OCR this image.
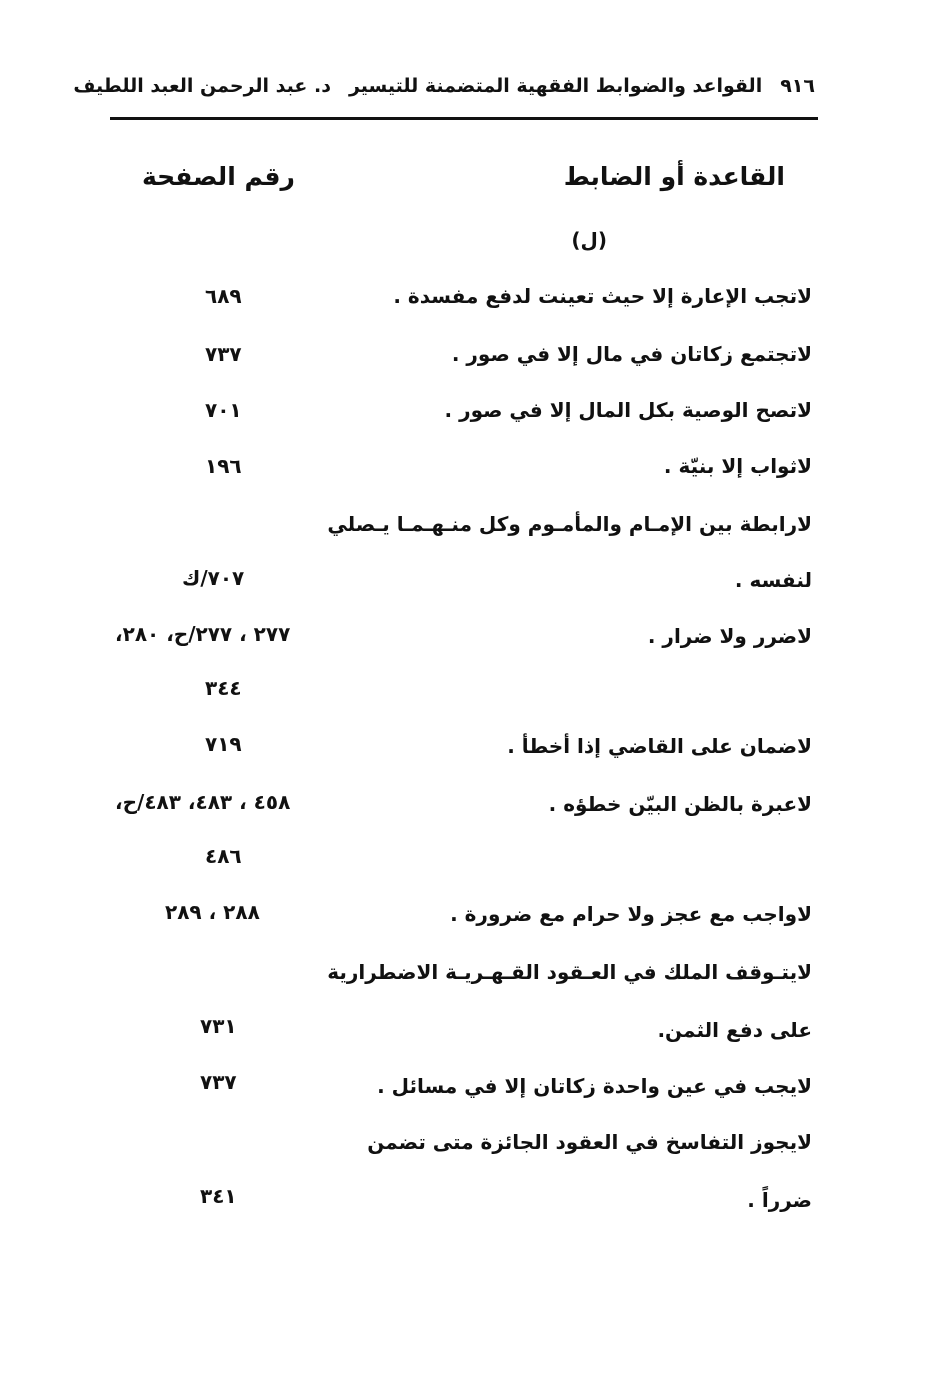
٩١٦
القواعد والضوابط الفقهية المتضمنة للتيسير
د. عبد الرحمن العبد اللطيف
القاعدة أو الضابط
رقم الصفحة
(ل)
لاتجب الإعارة إلا حيث تعينت لدفع مفسدة .
٦٨٩
لاتجتمع زكاتان في مال إلا في صور .
٧٣٧
لاتصح الوصية بكل المال إلا في صور .
٧٠١
لاثواب إلا بنيّة .
١٩٦
لارابطة بين الإمـام والمأمـوم وكل منـهـمـا يـصلي
لنفسه .
٧٠٧/ك
لاضرر ولا ضرار .
٢٧٧ ، ٢٧٧/ح، ٢٨٠،
٣٤٤
لاضمان على القاضي إذا أخطأ .
٧١٩
لاعبرة بالظن البيّن خطؤه .
٤٥٨ ، ٤٨٣، ٤٨٣/ح،
٤٨٦
لاواجب مع عجز ولا حرام مع ضرورة .
٢٨٨ ، ٢٨٩
لايتـوقف الملك في العـقود القـهـريـة الاضطرارية
على دفع الثمن.
٧٣١
لايجب في عين واحدة زكاتان إلا في مسائل .
٧٣٧
لايجوز التفاسخ في العقود الجائزة متى تضمن
ضرراً .
٣٤١
